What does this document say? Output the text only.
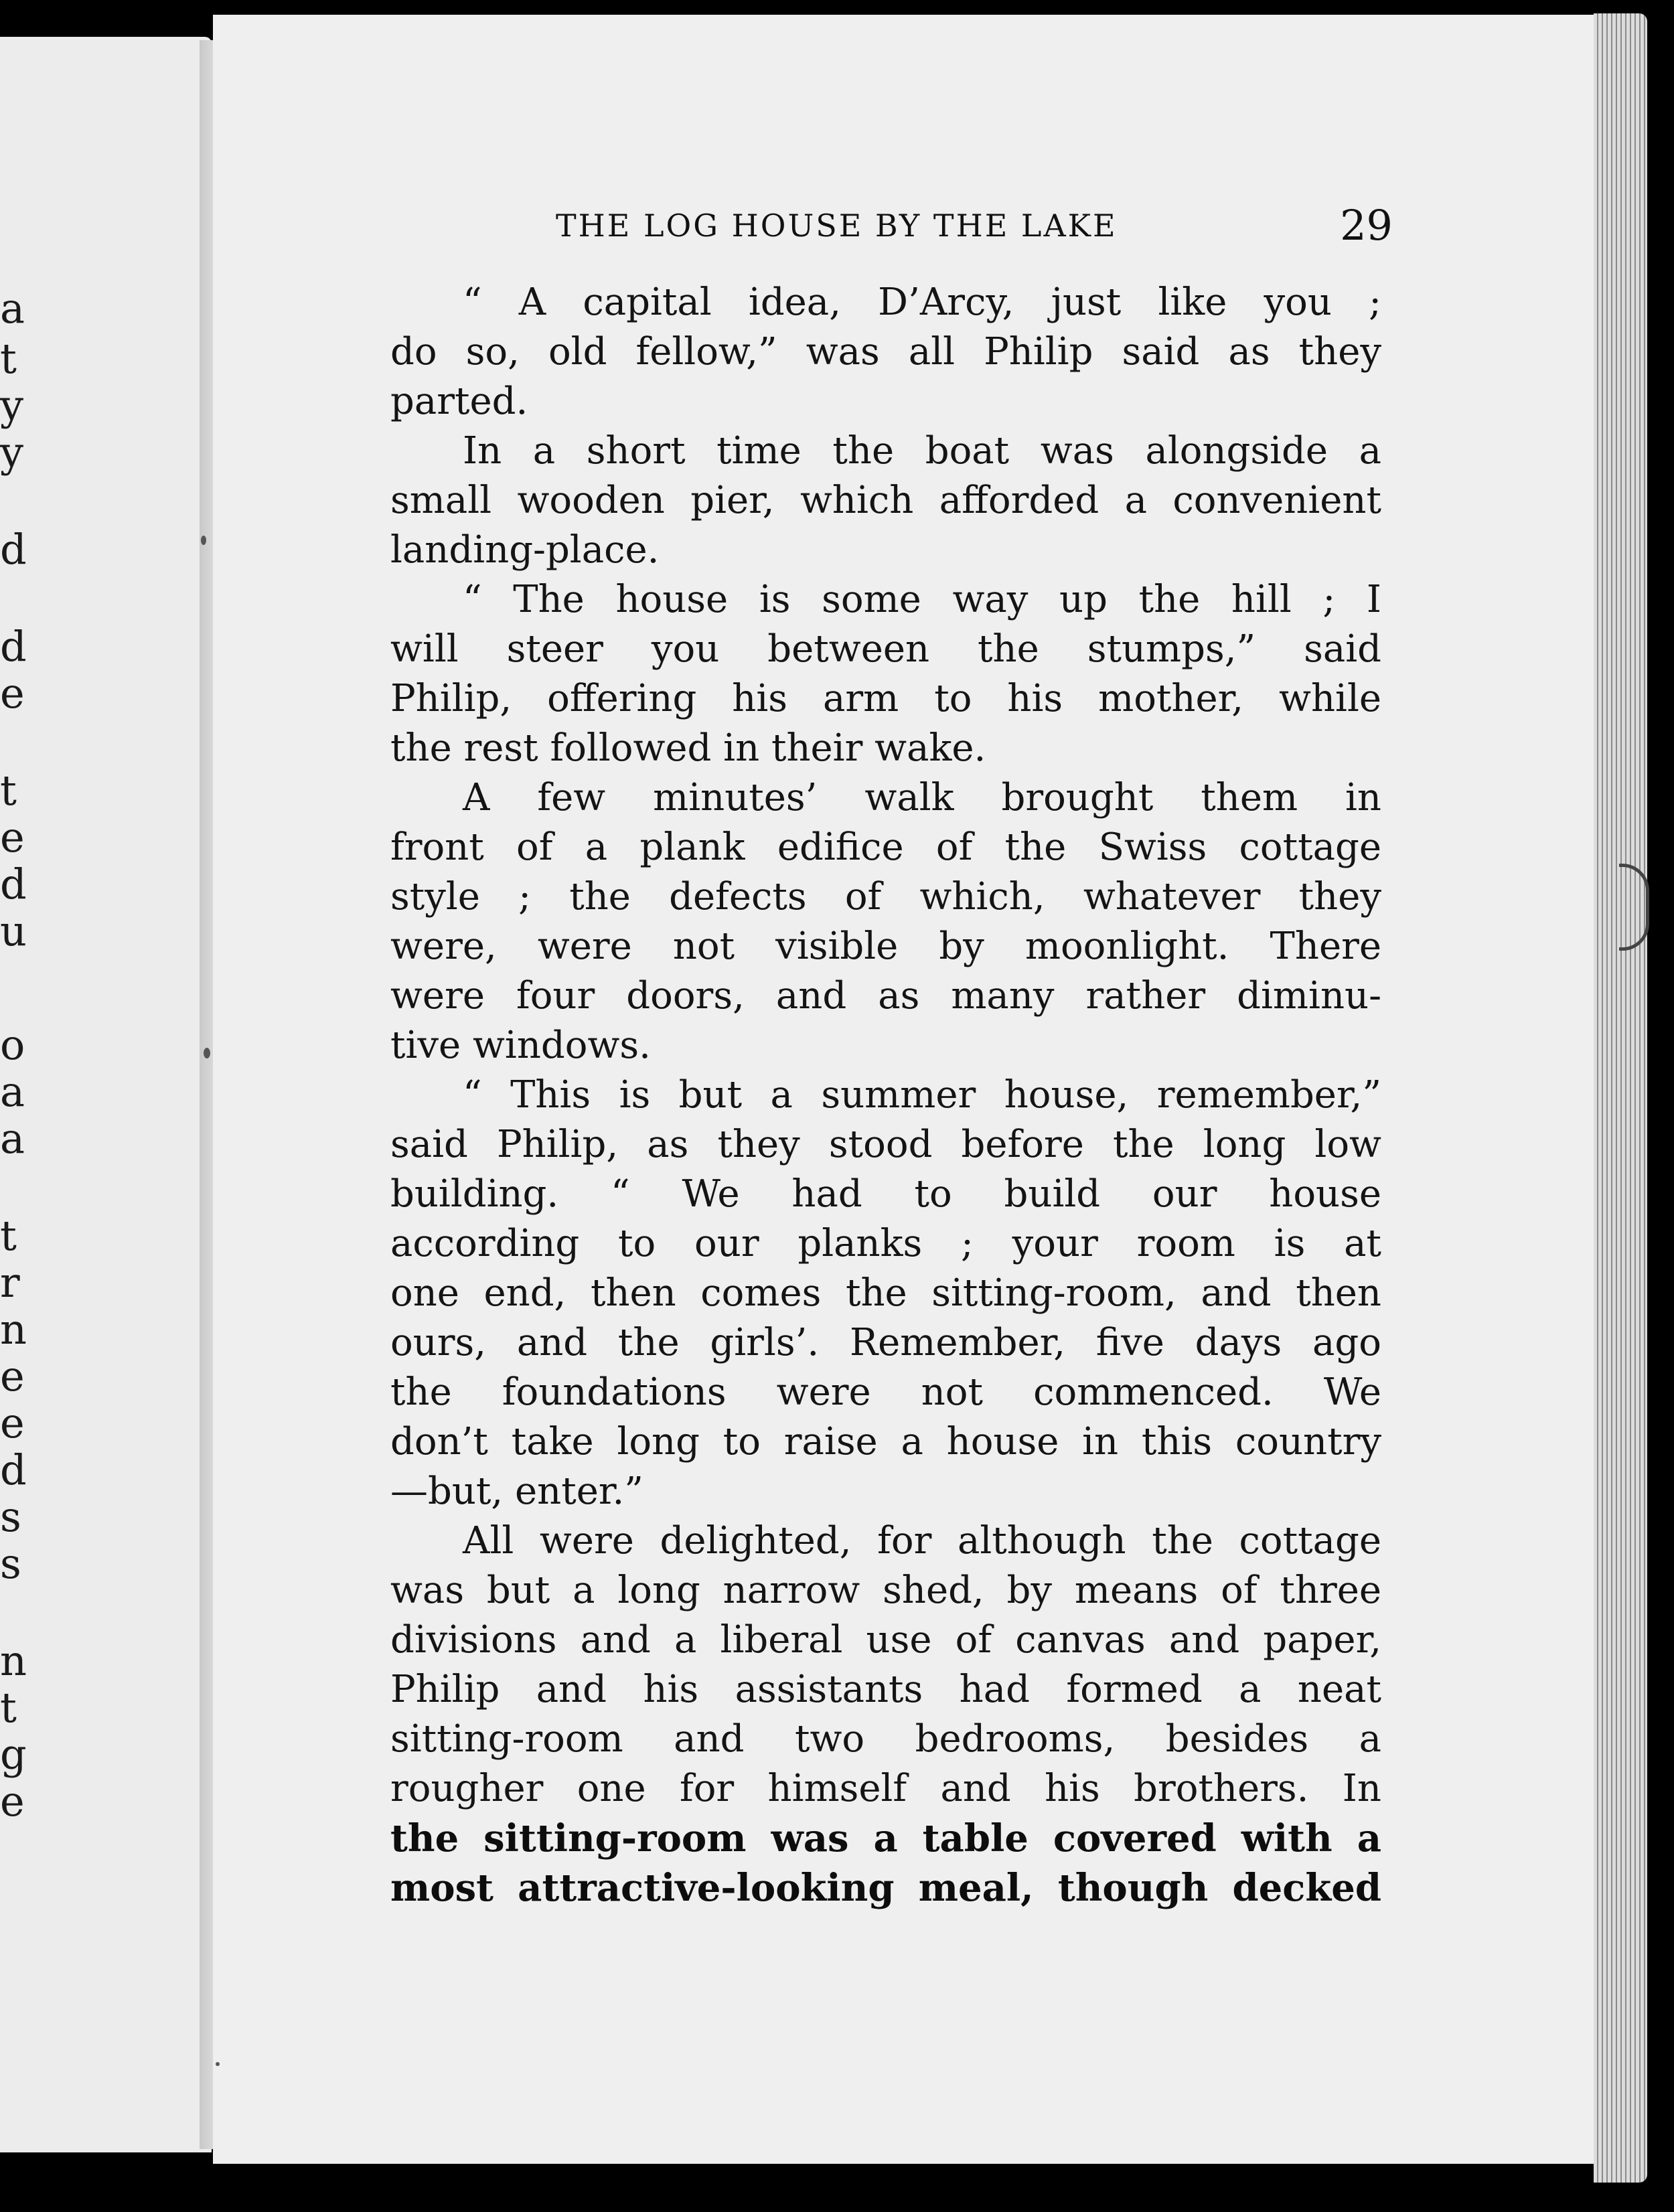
a
t
y
y
d
d
e
t
e
d
u
o
a
a
t
r
n
e
e
d
s
s
n
t
g
e
THE LOG HOUSE BY THE LAKE	29
“ A capital idea, D’Arcy, just like you ;
do so, old fellow,” was all Philip said as they
parted.
In a short time the boat was alongside a
small wooden pier, which afforded a convenient
landing-place.
“ The house is some way up the hill ; I
will steer you between the stumps,” said
Philip, offering his arm to his mother, while
the rest followed in their wake.
A few minutes’ walk brought them in
front of a plank edifice of the Swiss cottage
style ; the defects of which, whatever they
were, were not visible by moonlight. There
were four doors, and as many rather diminu-
tive windows.
“ This is but a summer house, remember,”
said Philip, as they stood before the long low
building. “ We had to build our house
according to our planks ; your room is at
one end, then comes the sitting-room, and then
ours, and the girls’. Remember, five days ago
the foundations were not commenced. We
don’t take long to raise a house in this country
—but, enter.”
All were delighted, for although the cottage
was but a long narrow shed, by means of three
divisions and a liberal use of canvas and paper,
Philip and his assistants had formed a neat
sitting-room and two bedrooms, besides a
rougher one for himself and his brothers. In
the sitting-room was a table covered with a
most attractive-looking meal, though decked
